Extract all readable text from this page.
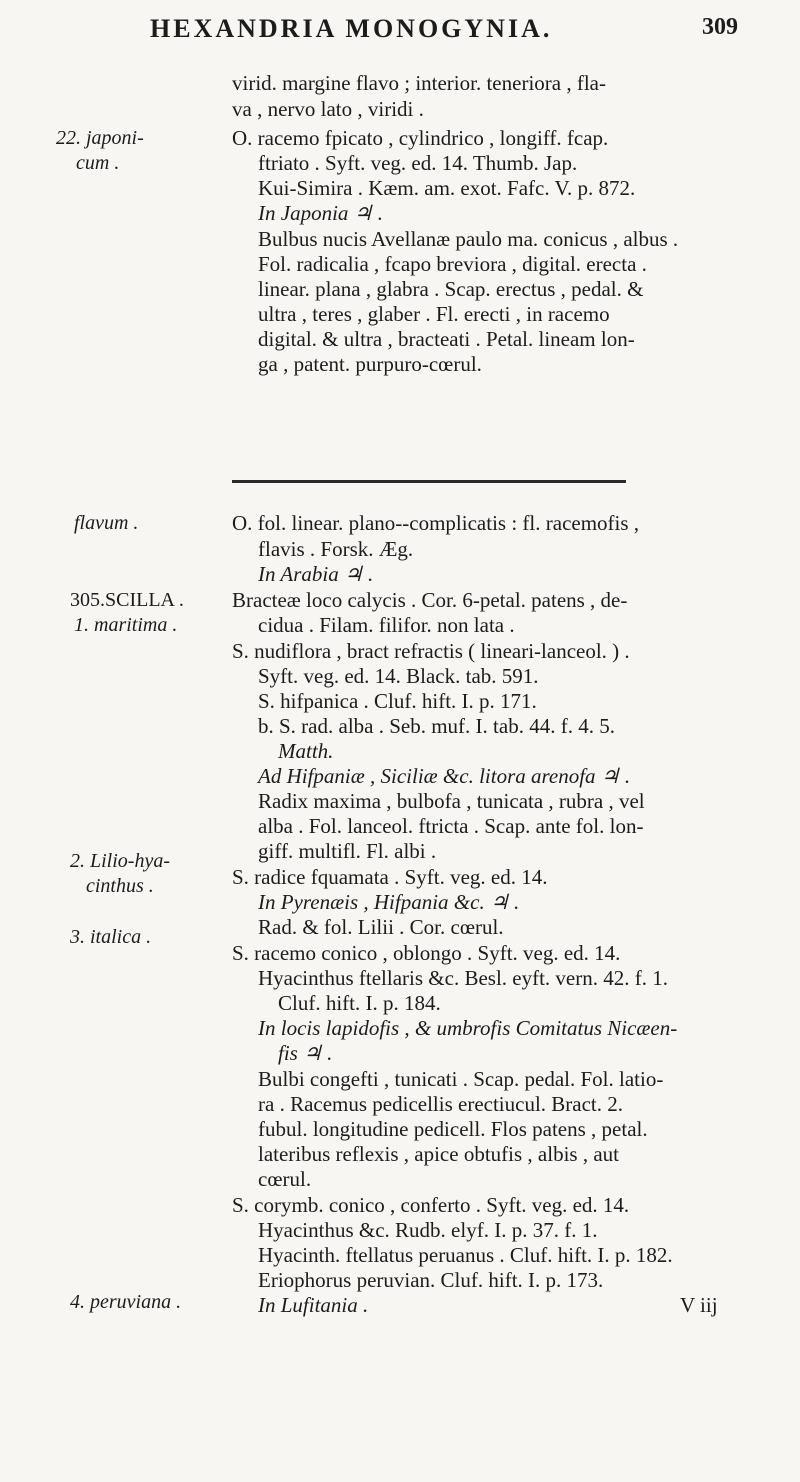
HEXANDRIA MONOGYNIA.	309
22. japoni-
cum .
flavum .
305.SCILLA .
1. maritima .
2. Lilio-hya-
cinthus .
3. italica .
4. peruviana .
virid. margine flavo ; interior. teneriora , fla-
va , nervo lato , viridi .
O. racemo fpicato , cylindrico , longiff. fcap.
ftriato . Syft. veg. ed. 14. Thumb. Jap.
Kui-Simira . Kæm. am. exot. Fafc. V. p. 872.
In Japonia ♃ .
Bulbus nucis Avellanæ paulo ma. conicus , albus .
Fol. radicalia , fcapo breviora , digital. erecta .
linear. plana , glabra . Scap. erectus , pedal. &
ultra , teres , glaber . Fl. erecti , in racemo
digital. & ultra , bracteati . Petal. lineam lon-
ga , patent. purpuro-cœrul.
O. fol. linear. plano--complicatis : fl. racemofis ,
flavis . Forsk. Æg.
In Arabia ♃ .
Bracteæ loco calycis . Cor. 6-petal. patens , de-
cidua . Filam. filifor. non lata .
S. nudiflora , bract refractis ( lineari-lanceol. ) .
Syft. veg. ed. 14. Black. tab. 591.
S. hifpanica . Cluf. hift. I. p. 171.
b. S. rad. alba . Seb. muf. I. tab. 44. f. 4. 5.
Matth.
Ad Hifpaniæ , Siciliæ &c. litora arenofa ♃ .
Radix maxima , bulbofa , tunicata , rubra , vel
alba . Fol. lanceol. ftricta . Scap. ante fol. lon-
giff. multifl. Fl. albi .
S. radice fquamata . Syft. veg. ed. 14.
In Pyrenæis , Hifpania &c. ♃ .
Rad. & fol. Lilii . Cor. cœrul.
S. racemo conico , oblongo . Syft. veg. ed. 14.
Hyacinthus ftellaris &c. Besl. eyft. vern. 42. f. 1.
Cluf. hift. I. p. 184.
In locis lapidofis , & umbrofis Comitatus Nicæen-
fis ♃ .
Bulbi congefti , tunicati . Scap. pedal. Fol. latio-
ra . Racemus pedicellis erectiucul. Bract. 2.
fubul. longitudine pedicell. Flos patens , petal.
lateribus reflexis , apice obtufis , albis , aut
cœrul.
S. corymb. conico , conferto . Syft. veg. ed. 14.
Hyacinthus &c. Rudb. elyf. I. p. 37. f. 1.
Hyacinth. ftellatus peruanus . Cluf. hift. I. p. 182.
Eriophorus peruvian. Cluf. hift. I. p. 173.
In Lufitania .	V iij
